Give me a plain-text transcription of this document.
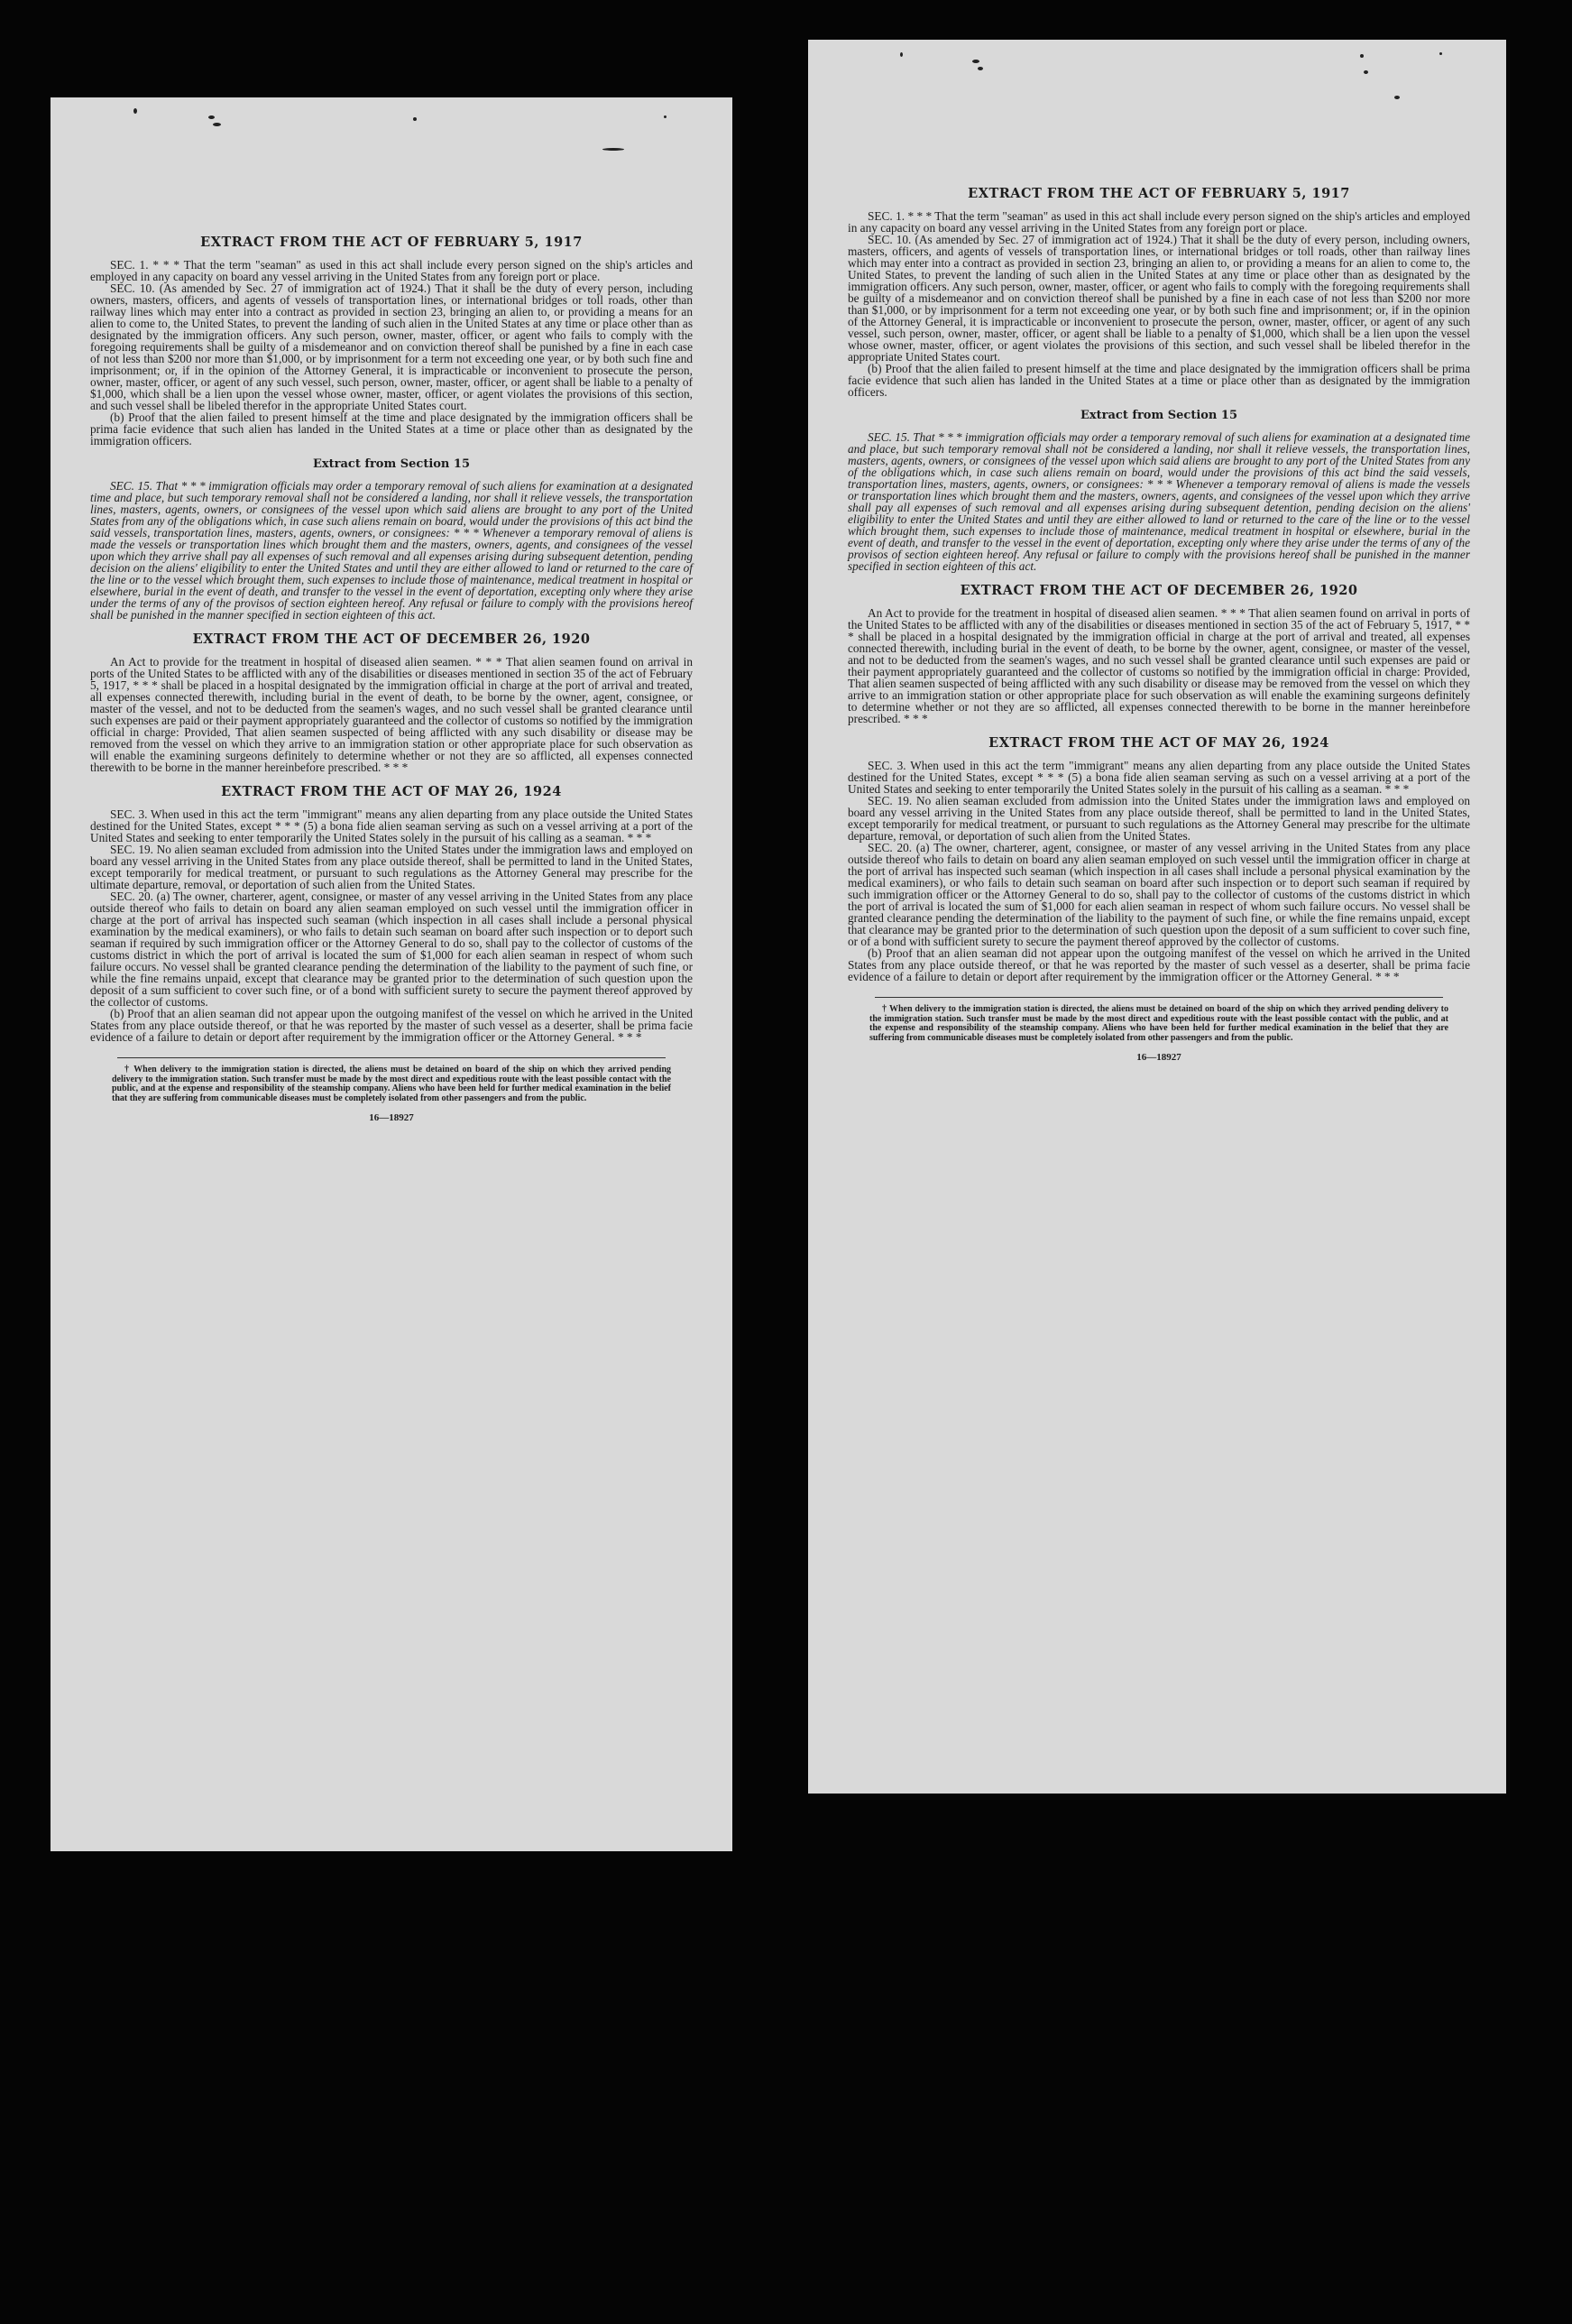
EXTRACT FROM THE ACT OF FEBRUARY 5, 1917

SEC. 1. * * * That the term "seaman" as used in this act shall include every person signed on the ship's articles and employed in any capacity on board any vessel arriving in the United States from any foreign port or place.

SEC. 10. (As amended by Sec. 27 of immigration act of 1924.) That it shall be the duty of every person, including owners, masters, officers, and agents of vessels of transportation lines, or international bridges or toll roads, other than railway lines which may enter into a contract as provided in section 23, bringing an alien to, or providing a means for an alien to come to, the United States, to prevent the landing of such alien in the United States at any time or place other than as designated by the immigration officers. Any such person, owner, master, officer, or agent who fails to comply with the foregoing requirements shall be guilty of a misdemeanor and on conviction thereof shall be punished by a fine in each case of not less than $200 nor more than $1,000, or by imprisonment for a term not exceeding one year, or by both such fine and imprisonment; or, if in the opinion of the Attorney General, it is impracticable or inconvenient to prosecute the person, owner, master, officer, or agent of any such vessel, such person, owner, master, officer, or agent shall be liable to a penalty of $1,000, which shall be a lien upon the vessel whose owner, master, officer, or agent violates the provisions of this section, and such vessel shall be libeled therefor in the appropriate United States court.

(b) Proof that the alien failed to present himself at the time and place designated by the immigration officers shall be prima facie evidence that such alien has landed in the United States at a time or place other than as designated by the immigration officers.

Extract from Section 15

SEC. 15. That * * * immigration officials may order a temporary removal of such aliens for examination at a designated time and place, but such temporary removal shall not be considered a landing, nor shall it relieve vessels, the transportation lines, masters, agents, owners, or consignees of the vessel upon which said aliens are brought to any port of the United States from any of the obligations which, in case such aliens remain on board, would under the provisions of this act bind the said vessels, transportation lines, masters, agents, owners, or consignees: * * * Whenever a temporary removal of aliens is made the vessels or transportation lines which brought them and the masters, owners, agents, and consignees of the vessel upon which they arrive shall pay all expenses of such removal and all expenses arising during subsequent detention, pending decision on the aliens' eligibility to enter the United States and until they are either allowed to land or returned to the care of the line or to the vessel which brought them, such expenses to include those of maintenance, medical treatment in hospital or elsewhere, burial in the event of death, and transfer to the vessel in the event of deportation, excepting only where they arise under the terms of any of the provisos of section eighteen hereof. Any refusal or failure to comply with the provisions hereof shall be punished in the manner specified in section eighteen of this act.

EXTRACT FROM THE ACT OF DECEMBER 26, 1920

An Act to provide for the treatment in hospital of diseased alien seamen. * * * That alien seamen found on arrival in ports of the United States to be afflicted with any of the disabilities or diseases mentioned in section 35 of the act of February 5, 1917, * * * shall be placed in a hospital designated by the immigration official in charge at the port of arrival and treated, all expenses connected therewith, including burial in the event of death, to be borne by the owner, agent, consignee, or master of the vessel, and not to be deducted from the seamen's wages, and no such vessel shall be granted clearance until such expenses are paid or their payment appropriately guaranteed and the collector of customs so notified by the immigration official in charge: Provided, That alien seamen suspected of being afflicted with any such disability or disease may be removed from the vessel on which they arrive to an immigration station or other appropriate place for such observation as will enable the examining surgeons definitely to determine whether or not they are so afflicted, all expenses connected therewith to be borne in the manner hereinbefore prescribed. * * *

EXTRACT FROM THE ACT OF MAY 26, 1924

SEC. 3. When used in this act the term "immigrant" means any alien departing from any place outside the United States destined for the United States, except * * * (5) a bona fide alien seaman serving as such on a vessel arriving at a port of the United States and seeking to enter temporarily the United States solely in the pursuit of his calling as a seaman. * * *

SEC. 19. No alien seaman excluded from admission into the United States under the immigration laws and employed on board any vessel arriving in the United States from any place outside thereof, shall be permitted to land in the United States, except temporarily for medical treatment, or pursuant to such regulations as the Attorney General may prescribe for the ultimate departure, removal, or deportation of such alien from the United States.

SEC. 20. (a) The owner, charterer, agent, consignee, or master of any vessel arriving in the United States from any place outside thereof who fails to detain on board any alien seaman employed on such vessel until the immigration officer in charge at the port of arrival has inspected such seaman (which inspection in all cases shall include a personal physical examination by the medical examiners), or who fails to detain such seaman on board after such inspection or to deport such seaman if required by such immigration officer or the Attorney General to do so, shall pay to the collector of customs of the customs district in which the port of arrival is located the sum of $1,000 for each alien seaman in respect of whom such failure occurs. No vessel shall be granted clearance pending the determination of the liability to the payment of such fine, or while the fine remains unpaid, except that clearance may be granted prior to the determination of such question upon the deposit of a sum sufficient to cover such fine, or of a bond with sufficient surety to secure the payment thereof approved by the collector of customs.

(b) Proof that an alien seaman did not appear upon the outgoing manifest of the vessel on which he arrived in the United States from any place outside thereof, or that he was reported by the master of such vessel as a deserter, shall be prima facie evidence of a failure to detain or deport after requirement by the immigration officer or the Attorney General. * * *

† When delivery to the immigration station is directed, the aliens must be detained on board of the ship on which they arrived pending delivery to the immigration station. Such transfer must be made by the most direct and expeditious route with the least possible contact with the public, and at the expense and responsibility of the steamship company. Aliens who have been held for further medical examination in the belief that they are suffering from communicable diseases must be completely isolated from other passengers and from the public.

16—18927
EXTRACT FROM THE ACT OF FEBRUARY 5, 1917

SEC. 1. * * * That the term "seaman" as used in this act shall include every person signed on the ship's articles and employed in any capacity on board any vessel arriving in the United States from any foreign port or place.

SEC. 10. (As amended by Sec. 27 of immigration act of 1924.) That it shall be the duty of every person, including owners, masters, officers, and agents of vessels of transportation lines, or international bridges or toll roads, other than railway lines which may enter into a contract as provided in section 23, bringing an alien to, or providing a means for an alien to come to, the United States, to prevent the landing of such alien in the United States at any time or place other than as designated by the immigration officers. Any such person, owner, master, officer, or agent who fails to comply with the foregoing requirements shall be guilty of a misdemeanor and on conviction thereof shall be punished by a fine in each case of not less than $200 nor more than $1,000, or by imprisonment for a term not exceeding one year, or by both such fine and imprisonment; or, if in the opinion of the Attorney General, it is impracticable or inconvenient to prosecute the person, owner, master, officer, or agent of any such vessel, such person, owner, master, officer, or agent shall be liable to a penalty of $1,000, which shall be a lien upon the vessel whose owner, master, officer, or agent violates the provisions of this section, and such vessel shall be libeled therefor in the appropriate United States court.

(b) Proof that the alien failed to present himself at the time and place designated by the immigration officers shall be prima facie evidence that such alien has landed in the United States at a time or place other than as designated by the immigration officers.

Extract from Section 15

SEC. 15. That * * * immigration officials may order a temporary removal of such aliens for examination at a designated time and place, but such temporary removal shall not be considered a landing, nor shall it relieve vessels, the transportation lines, masters, agents, owners, or consignees of the vessel upon which said aliens are brought to any port of the United States from any of the obligations which, in case such aliens remain on board, would under the provisions of this act bind the said vessels, transportation lines, masters, agents, owners, or consignees: * * * Whenever a temporary removal of aliens is made the vessels or transportation lines which brought them and the masters, owners, agents, and consignees of the vessel upon which they arrive shall pay all expenses of such removal and all expenses arising during subsequent detention, pending decision on the aliens' eligibility to enter the United States and until they are either allowed to land or returned to the care of the line or to the vessel which brought them, such expenses to include those of maintenance, medical treatment in hospital or elsewhere, burial in the event of death, and transfer to the vessel in the event of deportation, excepting only where they arise under the terms of any of the provisos of section eighteen hereof. Any refusal or failure to comply with the provisions hereof shall be punished in the manner specified in section eighteen of this act.

EXTRACT FROM THE ACT OF DECEMBER 26, 1920

An Act to provide for the treatment in hospital of diseased alien seamen. * * * That alien seamen found on arrival in ports of the United States to be afflicted with any of the disabilities or diseases mentioned in section 35 of the act of February 5, 1917, * * * shall be placed in a hospital designated by the immigration official in charge at the port of arrival and treated, all expenses connected therewith, including burial in the event of death, to be borne by the owner, agent, consignee, or master of the vessel, and not to be deducted from the seamen's wages, and no such vessel shall be granted clearance until such expenses are paid or their payment appropriately guaranteed and the collector of customs so notified by the immigration official in charge: Provided, That alien seamen suspected of being afflicted with any such disability or disease may be removed from the vessel on which they arrive to an immigration station or other appropriate place for such observation as will enable the examining surgeons definitely to determine whether or not they are so afflicted, all expenses connected therewith to be borne in the manner hereinbefore prescribed. * * *

EXTRACT FROM THE ACT OF MAY 26, 1924

SEC. 3. When used in this act the term "immigrant" means any alien departing from any place outside the United States destined for the United States, except * * * (5) a bona fide alien seaman serving as such on a vessel arriving at a port of the United States and seeking to enter temporarily the United States solely in the pursuit of his calling as a seaman. * * *

SEC. 19. No alien seaman excluded from admission into the United States under the immigration laws and employed on board any vessel arriving in the United States from any place outside thereof, shall be permitted to land in the United States, except temporarily for medical treatment, or pursuant to such regulations as the Attorney General may prescribe for the ultimate departure, removal, or deportation of such alien from the United States.

SEC. 20. (a) The owner, charterer, agent, consignee, or master of any vessel arriving in the United States from any place outside thereof who fails to detain on board any alien seaman employed on such vessel until the immigration officer in charge at the port of arrival has inspected such seaman (which inspection in all cases shall include a personal physical examination by the medical examiners), or who fails to detain such seaman on board after such inspection or to deport such seaman if required by such immigration officer or the Attorney General to do so, shall pay to the collector of customs of the customs district in which the port of arrival is located the sum of $1,000 for each alien seaman in respect of whom such failure occurs. No vessel shall be granted clearance pending the determination of the liability to the payment of such fine, or while the fine remains unpaid, except that clearance may be granted prior to the determination of such question upon the deposit of a sum sufficient to cover such fine, or of a bond with sufficient surety to secure the payment thereof approved by the collector of customs.

(b) Proof that an alien seaman did not appear upon the outgoing manifest of the vessel on which he arrived in the United States from any place outside thereof, or that he was reported by the master of such vessel as a deserter, shall be prima facie evidence of a failure to detain or deport after requirement by the immigration officer or the Attorney General. * * *

† When delivery to the immigration station is directed, the aliens must be detained on board of the ship on which they arrived pending delivery to the immigration station. Such transfer must be made by the most direct and expeditious route with the least possible contact with the public, and at the expense and responsibility of the steamship company. Aliens who have been held for further medical examination in the belief that they are suffering from communicable diseases must be completely isolated from other passengers and from the public.

16—18927
